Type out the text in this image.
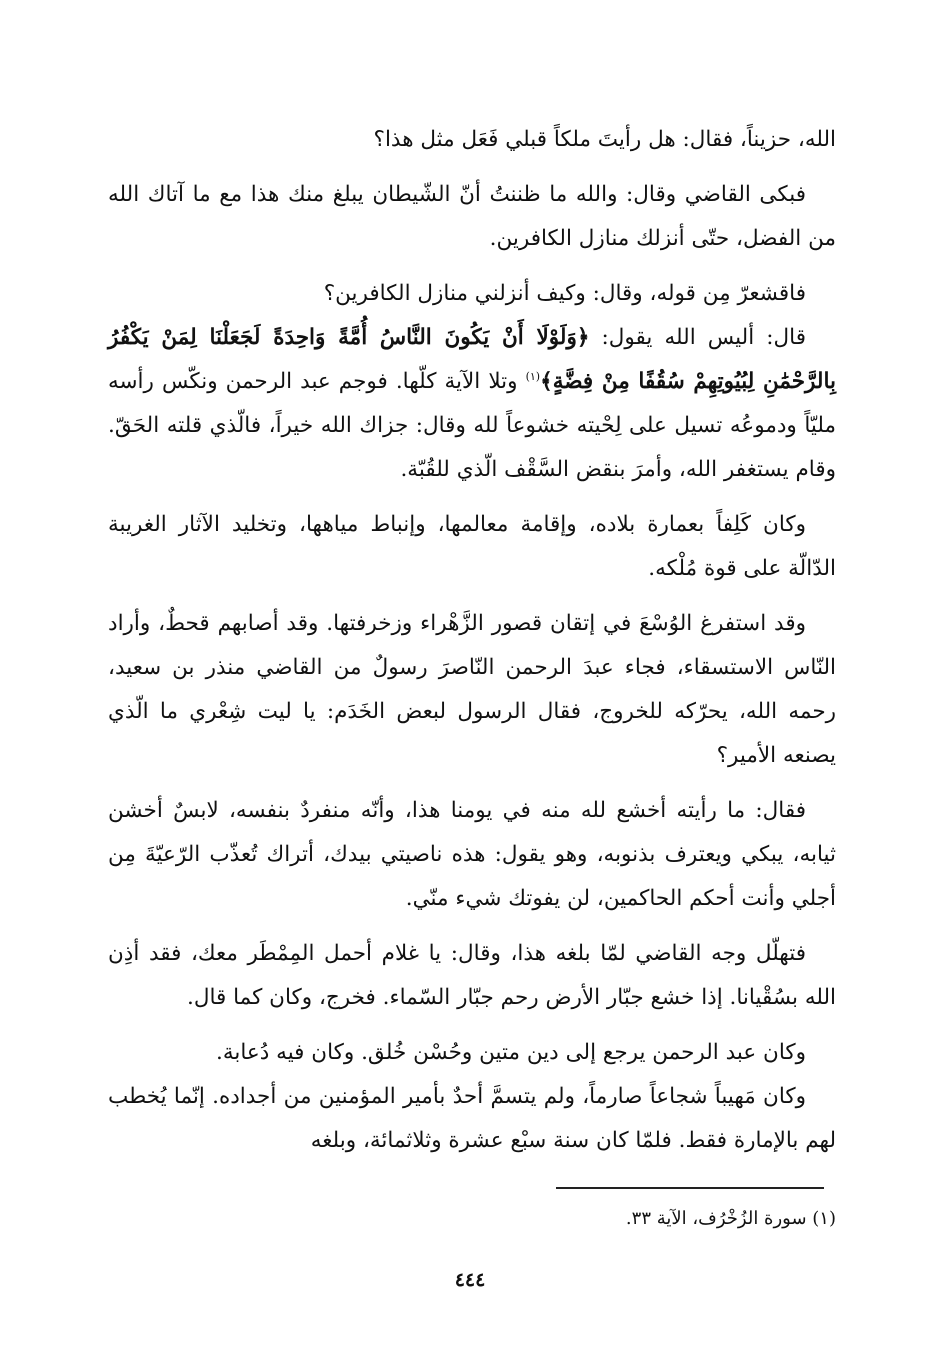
الله، حزيناً، فقال: هل رأيتَ ملكاً قبلي فَعَل مثل هذا؟

فبكى القاضي وقال: والله ما ظننتُ أنّ الشّيطان يبلغ منك هذا مع ما آتاك الله من الفضل، حتّى أنزلك منازل الكافرين.

فاقشعرّ مِن قوله، وقال: وكيف أنزلني منازل الكافرين؟

قال: أليس الله يقول: ﴿وَلَوْلَا أَنْ يَكُونَ النَّاسُ أُمَّةً وَاحِدَةً لَجَعَلْنَا لِمَنْ يَكْفُرُ بِالرَّحْمَٰنِ لِبُيُوتِهِمْ سُقُفًا مِنْ فِضَّةٍ﴾$^{(١)}$ وتلا الآية كلّها. فوجم عبد الرحمن ونكّس رأسه مليّاً ودموعُه تسيل على لِحْيته خشوعاً لله وقال: جزاك الله خيراً، فالّذي قلته الحَقّ. وقام يستغفر الله، وأمرَ بنقض السَّقْف الّذي للقُبّة.

وكان كَلِفاً بعمارة بلاده، وإقامة معالمها، وإنباط مياهها، وتخليد الآثار الغريبة الدّالّة على قوة مُلْكه.

وقد استفرغ الوُسْعَ في إتقان قصور الزَّهْراء وزخرفتها. وقد أصابهم قحطٌ، وأراد النّاس الاستسقاء، فجاء عبدَ الرحمن النّاصرَ رسولٌ من القاضي منذر بن سعيد، رحمه الله، يحرّكه للخروج، فقال الرسول لبعض الخَدَم: يا ليت شِعْري ما الّذي يصنعه الأمير؟

فقال: ما رأيته أخشع لله منه في يومنا هذا، وأنّه منفردٌ بنفسه، لابسٌ أخشن ثيابه، يبكي ويعترف بذنوبه، وهو يقول: هذه ناصيتي بيدك، أتراك تُعذّب الرّعيّةَ مِن أجلي وأنت أحكم الحاكمين، لن يفوتك شيء منّي.

فتهلّل وجه القاضي لمّا بلغه هذا، وقال: يا غلام أحمل المِمْطَر معك، فقد أذِن الله بسُقْيانا. إذا خشع جبّار الأرض رحم جبّار السّماء. فخرج، وكان كما قال.

وكان عبد الرحمن يرجع إلى دين متين وحُسْن خُلق. وكان فيه دُعابة.

وكان مَهيباً شجاعاً صارماً، ولم يتسمَّ أحدٌ بأمير المؤمنين من أجداده. إنّما يُخطب لهم بالإمارة فقط. فلمّا كان سنة سبْع عشرة وثلاثمائة، وبلغه

(١) سورة الزُخْرُف، الآية ٣٣.
٤٤٤
